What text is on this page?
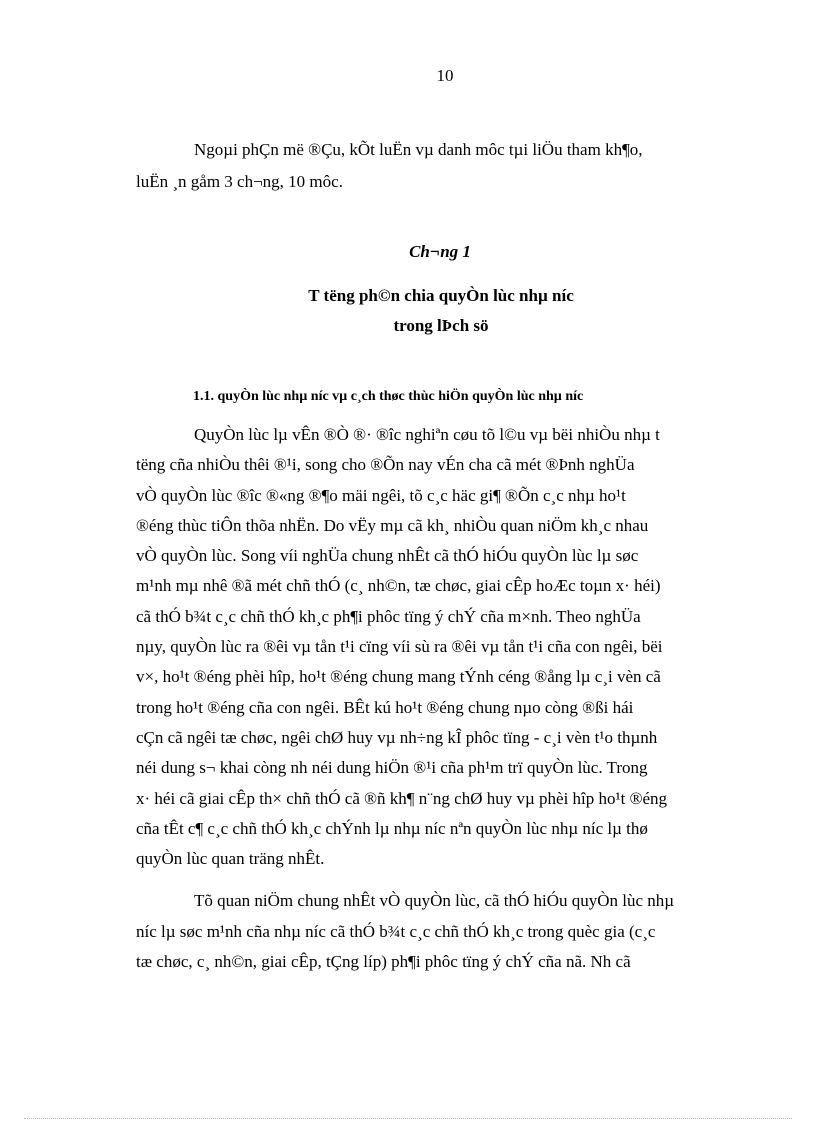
10
Ngoµi phÇn më ®Çu, kÕt luËn vµ danh môc tµi liÖu tham kh¶o,
luËn ¸n gåm 3 ch¬ng, 10 môc.
Ch¬ng 1
T tëng ph©n chia quyÒn lùc nhµ níc
trong lÞch sö
1.1. quyÒn lùc nhµ níc vµ c¸ch thøc thùc hiÖn quyÒn lùc nhµ níc
QuyÒn lùc lµ vÊn ®Ò ®· ®îc nghiªn cøu tõ l©u vµ bëi nhiÒu nhµ t
tëng cña nhiÒu thêi ®¹i, song cho ®Õn nay vÉn cha cã mét ®Þnh nghÜa
vÒ quyÒn lùc ®îc ®«ng ®¶o mäi ngêi, tõ c¸c häc gi¶ ®Õn c¸c nhµ ho¹t
®éng thùc tiÔn thõa nhËn. Do vËy mµ cã kh¸ nhiÒu quan niÖm kh¸c nhau
vÒ quyÒn lùc. Song víi nghÜa chung nhÊt cã thÓ hiÓu quyÒn lùc lµ søc
m¹nh mµ nhê ®ã mét chñ thÓ (c¸ nh©n, tæ chøc, giai cÊp hoÆc toµn x· héi)
cã thÓ b¾t c¸c chñ thÓ kh¸c ph¶i phôc tïng ý chÝ cña m×nh. Theo nghÜa
nµy, quyÒn lùc ra ®êi vµ tån t¹i cïng víi sù ra ®êi vµ tån t¹i cña con ngêi, bëi
v×, ho¹t ®éng phèi hîp, ho¹t ®éng chung mang tÝnh céng ®ång lµ c¸i vèn cã
trong ho¹t ®éng cña con ngêi. BÊt kú ho¹t ®éng chung nµo còng ®ßi hái
cÇn cã ngêi tæ chøc, ngêi chØ huy vµ nh÷ng kÎ phôc tïng - c¸i vèn t¹o thµnh
néi dung s¬ khai còng nh néi dung hiÖn ®¹i cña ph¹m trï quyÒn lùc. Trong
x· héi cã giai cÊp th× chñ thÓ cã ®ñ kh¶ n¨ng chØ huy vµ phèi hîp ho¹t ®éng
cña tÊt c¶ c¸c chñ thÓ kh¸c chÝnh lµ nhµ níc nªn quyÒn lùc nhµ níc lµ thø
quyÒn lùc quan träng nhÊt.
Tõ quan niÖm chung nhÊt vÒ quyÒn lùc, cã thÓ hiÓu quyÒn lùc nhµ
níc lµ søc m¹nh cña nhµ níc cã thÓ b¾t c¸c chñ thÓ kh¸c trong quèc gia (c¸c
tæ chøc, c¸ nh©n, giai cÊp, tÇng líp) ph¶i phôc tïng ý chÝ cña nã. Nh cã
